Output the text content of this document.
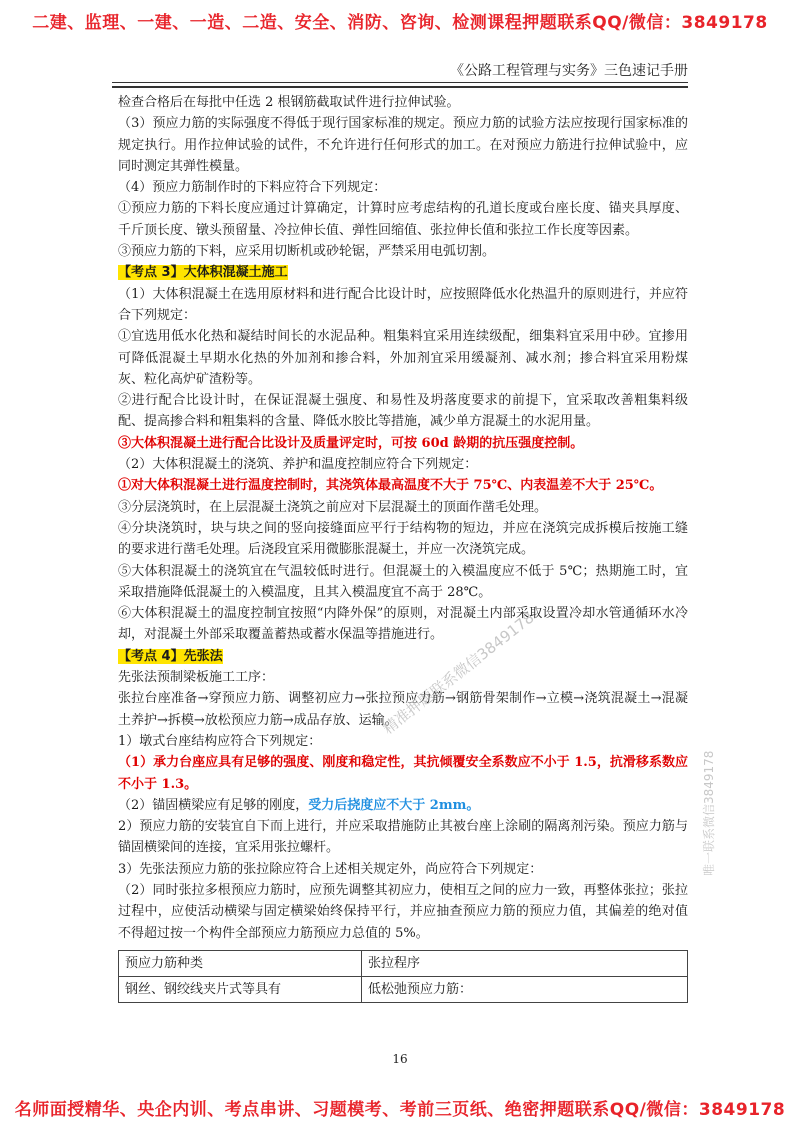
二建、监理、一建、一造、二造、安全、消防、咨询、检测课程押题联系QQ/微信：3849178
《公路工程管理与实务》三色速记手册

检查合格后在每批中任选 2 根钢筋截取试件进行拉伸试验。

（3）预应力筋的实际强度不得低于现行国家标准的规定。预应力筋的试验方法应按现行国家标准的规定执行。用作拉伸试验的试件，不允许进行任何形式的加工。在对预应力筋进行拉伸试验中，应同时测定其弹性模量。

（4）预应力筋制作时的下料应符合下列规定：

①预应力筋的下料长度应通过计算确定，计算时应考虑结构的孔道长度或台座长度、锚夹具厚度、千斤顶长度、镦头预留量、冷拉伸长值、弹性回缩值、张拉伸长值和张拉工作长度等因素。

③预应力筋的下料，应采用切断机或砂轮锯，严禁采用电弧切割。

【考点 3】大体积混凝土施工

（1）大体积混凝土在选用原材料和进行配合比设计时，应按照降低水化热温升的原则进行，并应符合下列规定：

①宜选用低水化热和凝结时间长的水泥品种。粗集料宜采用连续级配，细集料宜采用中砂。宜掺用可降低混凝土早期水化热的外加剂和掺合料，外加剂宜采用缓凝剂、减水剂；掺合料宜采用粉煤灰、粒化高炉矿渣粉等。

②进行配合比设计时，在保证混凝土强度、和易性及坍落度要求的前提下，宜采取改善粗集料级配、提高掺合料和粗集料的含量、降低水胶比等措施，减少单方混凝土的水泥用量。

③大体积混凝土进行配合比设计及质量评定时，可按 60d 龄期的抗压强度控制。

（2）大体积混凝土的浇筑、养护和温度控制应符合下列规定：

①对大体积混凝土进行温度控制时，其浇筑体最高温度不大于 75℃、内表温差不大于 25℃。

③分层浇筑时，在上层混凝土浇筑之前应对下层混凝土的顶面作凿毛处理。

④分块浇筑时，块与块之间的竖向接缝面应平行于结构物的短边，并应在浇筑完成拆模后按施工缝的要求进行凿毛处理。后浇段宜采用微膨胀混凝土，并应一次浇筑完成。

⑤大体积混凝土的浇筑宜在气温较低时进行。但混凝土的入模温度应不低于 5℃；热期施工时，宜采取措施降低混凝土的入模温度，且其入模温度宜不高于 28℃。

⑥大体积混凝土的温度控制宜按照“内降外保”的原则，对混凝土内部采取设置冷却水管通循环水冷却，对混凝土外部采取覆盖蓄热或蓄水保温等措施进行。

【考点 4】先张法

先张法预制梁板施工工序：

张拉台座准备→穿预应力筋、调整初应力→张拉预应力筋→钢筋骨架制作→立模→浇筑混凝土→混凝土养护→拆模→放松预应力筋→成品存放、运输。

1）墩式台座结构应符合下列规定：

（1）承力台座应具有足够的强度、刚度和稳定性，其抗倾覆安全系数应不小于 1.5，抗滑移系数应不小于 1.3。

（2）锚固横梁应有足够的刚度，受力后挠度应不大于 2mm。

2）预应力筋的安装宜自下而上进行，并应采取措施防止其被台座上涂刷的隔离剂污染。预应力筋与锚固横梁间的连接，宜采用张拉螺杆。

3）先张法预应力筋的张拉除应符合上述相关规定外，尚应符合下列规定：

（2）同时张拉多根预应力筋时，应预先调整其初应力，使相互之间的应力一致，再整体张拉；张拉过程中，应使活动横梁与固定横梁始终保持平行，并应抽查预应力筋的预应力值，其偏差的绝对值不得超过按一个构件全部预应力筋预应力总值的 5%。

预应力筋种类	张拉程序
钢丝、钢绞线夹片式等具有	低松弛预应力筋：
精准押题联系微信3849178
唯一联系微信3849178
16
名师面授精华、央企内训、考点串讲、习题模考、考前三页纸、绝密押题联系QQ/微信：3849178
